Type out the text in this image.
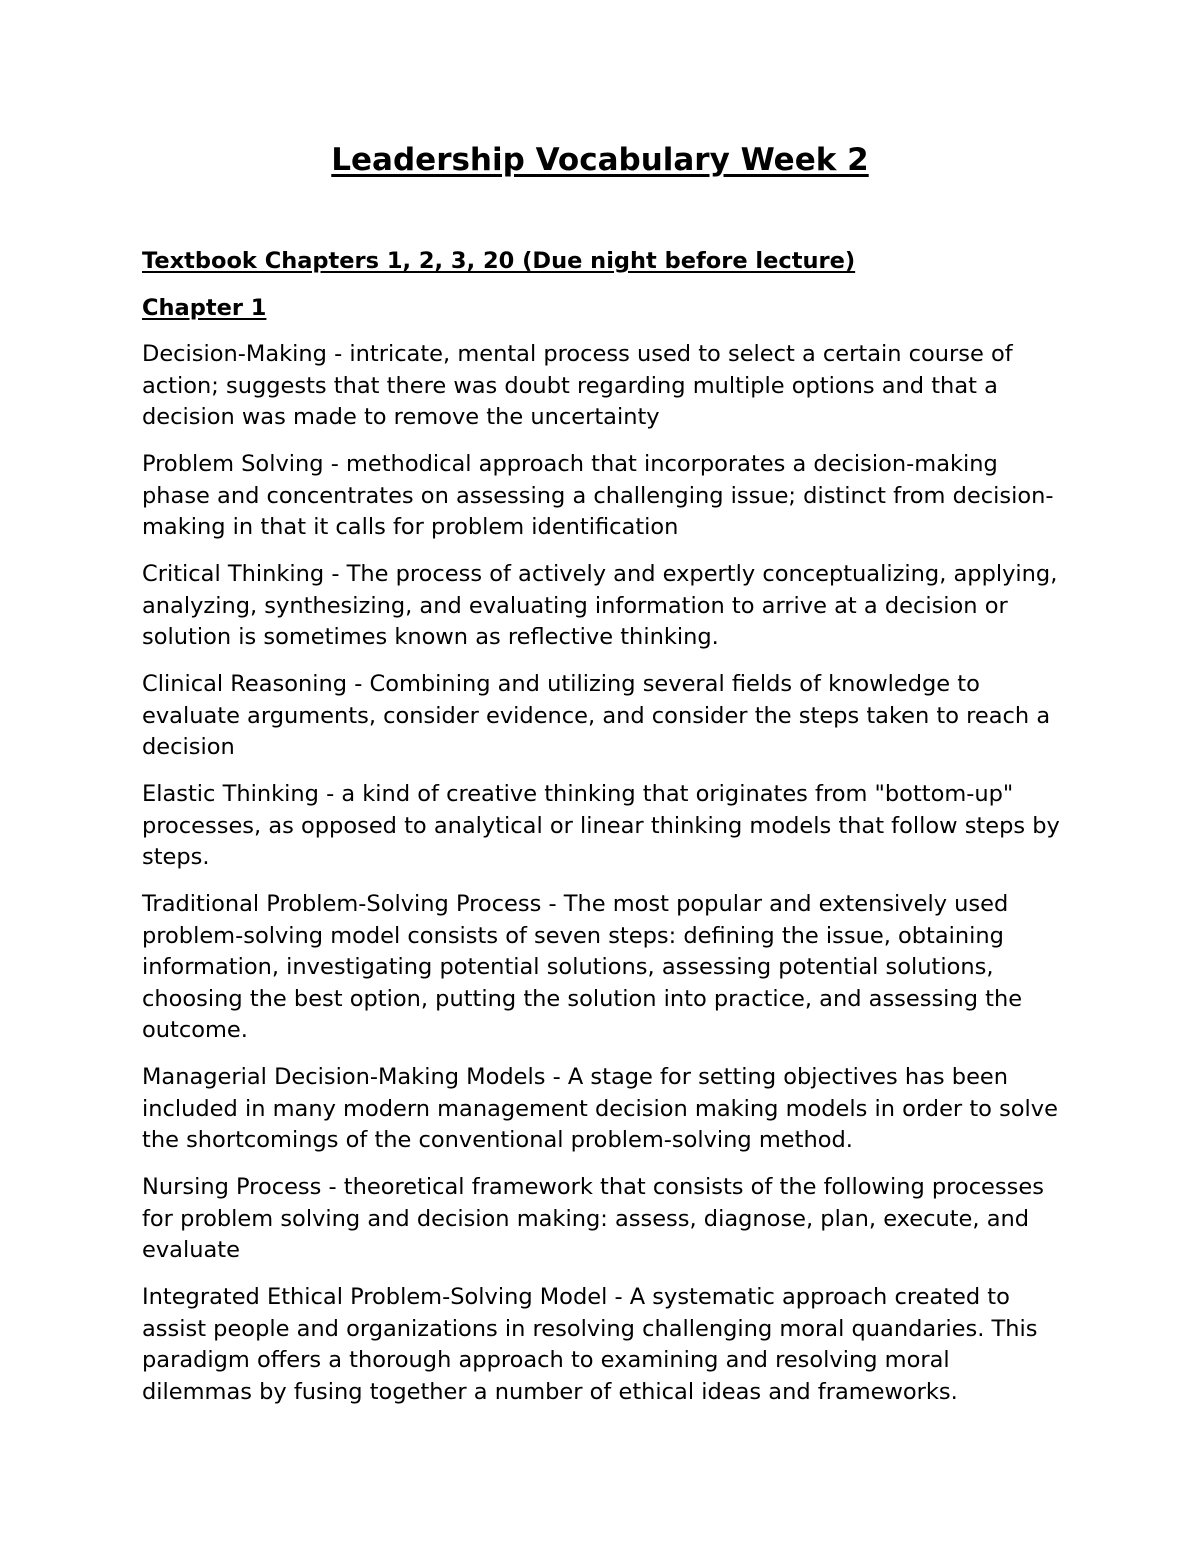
Leadership Vocabulary Week 2

Textbook Chapters 1, 2, 3, 20 (Due night before lecture)

Chapter 1

Decision-Making - intricate, mental process used to select a certain course of action; suggests that there was doubt regarding multiple options and that a decision was made to remove the uncertainty

Problem Solving - methodical approach that incorporates a decision-making phase and concentrates on assessing a challenging issue; distinct from decision-making in that it calls for problem identification

Critical Thinking - The process of actively and expertly conceptualizing, applying, analyzing, synthesizing, and evaluating information to arrive at a decision or solution is sometimes known as reflective thinking.

Clinical Reasoning - Combining and utilizing several fields of knowledge to evaluate arguments, consider evidence, and consider the steps taken to reach a decision

Elastic Thinking - a kind of creative thinking that originates from "bottom-up" processes, as opposed to analytical or linear thinking models that follow steps by steps.

Traditional Problem-Solving Process - The most popular and extensively used problem-solving model consists of seven steps: defining the issue, obtaining information, investigating potential solutions, assessing potential solutions, choosing the best option, putting the solution into practice, and assessing the outcome.

Managerial Decision-Making Models - A stage for setting objectives has been included in many modern management decision making models in order to solve the shortcomings of the conventional problem-solving method.

Nursing Process - theoretical framework that consists of the following processes for problem solving and decision making: assess, diagnose, plan, execute, and evaluate

Integrated Ethical Problem-Solving Model - A systematic approach created to assist people and organizations in resolving challenging moral quandaries. This paradigm offers a thorough approach to examining and resolving moral dilemmas by fusing together a number of ethical ideas and frameworks.
